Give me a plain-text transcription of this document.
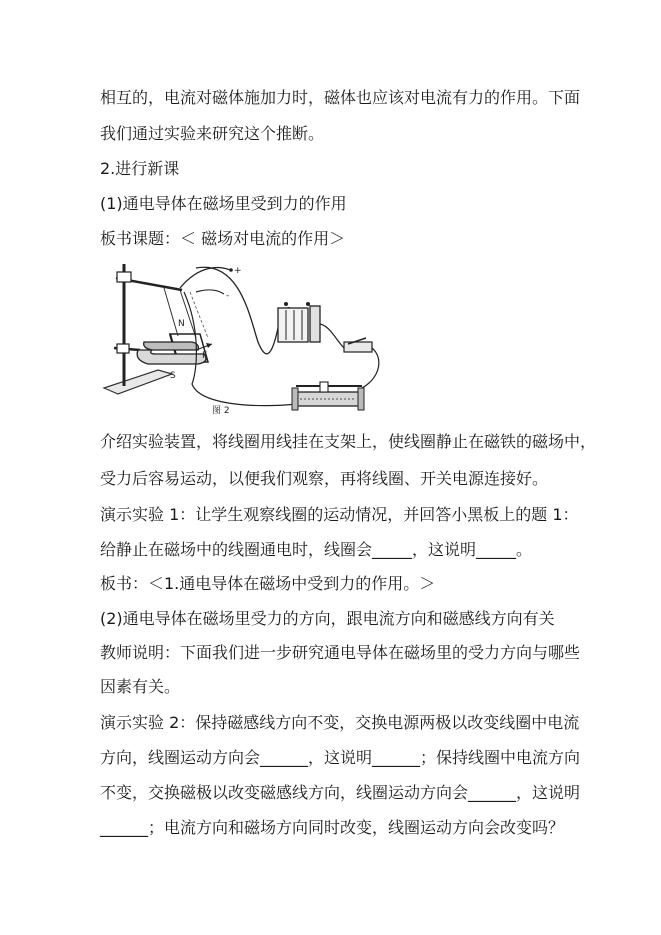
相互的，电流对磁体施加力时，磁体也应该对电流有力的作用。下面
我们通过实验来研究这个推断。
2.进行新课
(1)通电导体在磁场里受到力的作用
板书课题：＜ 磁场对电流的作用＞
N
S
F
+
-
图 2
介绍实验装置，将线圈用线挂在支架上，使线圈静止在磁铁的磁场中，
受力后容易运动，以便我们观察，再将线圈、开关电源连接好。
演示实验 1：让学生观察线圈的运动情况，并回答小黑板上的题 1：
给静止在磁场中的线圈通电时，线圈会_____，这说明_____。
板书：＜1.通电导体在磁场中受到力的作用。＞
(2)通电导体在磁场里受力的方向，跟电流方向和磁感线方向有关
教师说明：下面我们进一步研究通电导体在磁场里的受力方向与哪些
因素有关。
演示实验 2：保持磁感线方向不变，交换电源两极以改变线圈中电流
方向，线圈运动方向会______，这说明______；保持线圈中电流方向
不变，交换磁极以改变磁感线方向，线圈运动方向会______，这说明
______；电流方向和磁场方向同时改变，线圈运动方向会改变吗？
